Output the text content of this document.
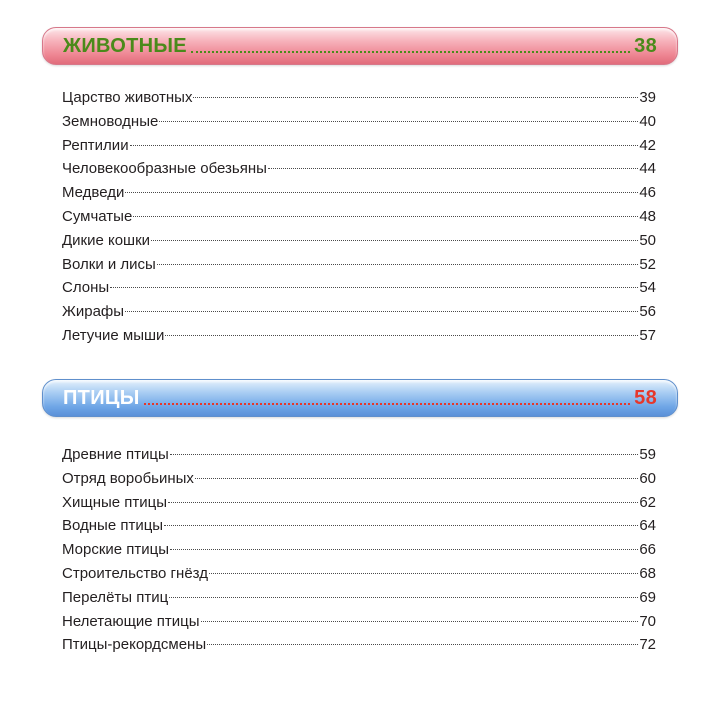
ЖИВОТНЫЕ	38
Царство животных	39
Земноводные	40
Рептилии	42
Человекообразные обезьяны	44
Медведи	46
Сумчатые	48
Дикие кошки	50
Волки и лисы	52
Слоны	54
Жирафы	56
Летучие мыши	57
ПТИЦЫ	58
Древние птицы	59
Отряд воробьиных	60
Хищные птицы	62
Водные птицы	64
Морские птицы	66
Строительство гнёзд	68
Перелёты птиц	69
Нелетающие птицы	70
Птицы-рекордсмены	72
